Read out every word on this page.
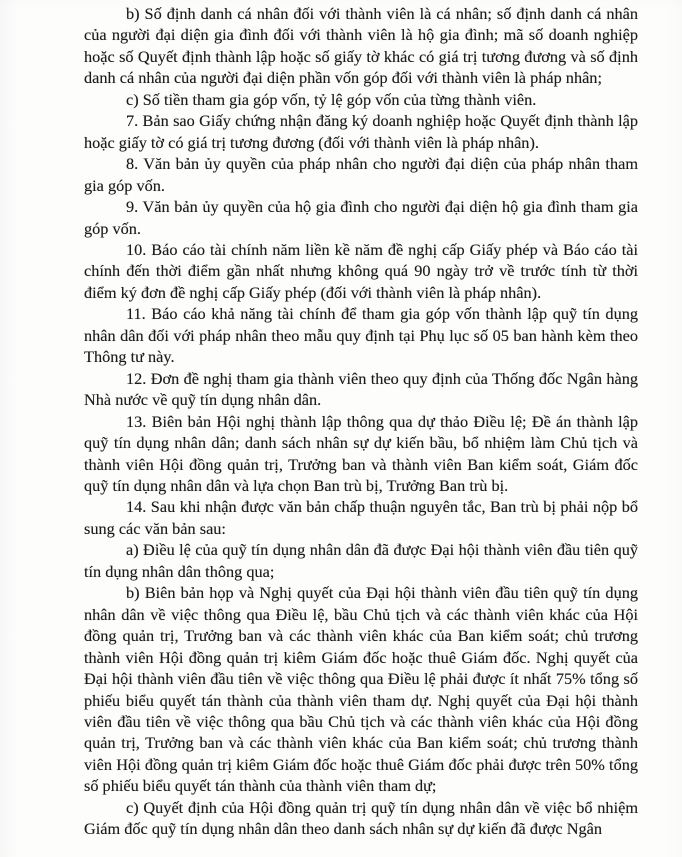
b) Số định danh cá nhân đối với thành viên là cá nhân; số định danh cá nhân của người đại diện gia đình đối với thành viên là hộ gia đình; mã số doanh nghiệp hoặc số Quyết định thành lập hoặc số giấy tờ khác có giá trị tương đương và số định danh cá nhân của người đại diện phần vốn góp đối với thành viên là pháp nhân;

c) Số tiền tham gia góp vốn, tỷ lệ góp vốn của từng thành viên.

7. Bản sao Giấy chứng nhận đăng ký doanh nghiệp hoặc Quyết định thành lập hoặc giấy tờ có giá trị tương đương (đối với thành viên là pháp nhân).

8. Văn bản ủy quyền của pháp nhân cho người đại diện của pháp nhân tham gia góp vốn.

9. Văn bản ủy quyền của hộ gia đình cho người đại diện hộ gia đình tham gia góp vốn.

10. Báo cáo tài chính năm liền kề năm đề nghị cấp Giấy phép và Báo cáo tài chính đến thời điểm gần nhất nhưng không quá 90 ngày trở về trước tính từ thời điểm ký đơn đề nghị cấp Giấy phép (đối với thành viên là pháp nhân).

11. Báo cáo khả năng tài chính để tham gia góp vốn thành lập quỹ tín dụng nhân dân đối với pháp nhân theo mẫu quy định tại Phụ lục số 05 ban hành kèm theo Thông tư này.

12. Đơn đề nghị tham gia thành viên theo quy định của Thống đốc Ngân hàng Nhà nước về quỹ tín dụng nhân dân.

13. Biên bản Hội nghị thành lập thông qua dự thảo Điều lệ; Đề án thành lập quỹ tín dụng nhân dân; danh sách nhân sự dự kiến bầu, bổ nhiệm làm Chủ tịch và thành viên Hội đồng quản trị, Trưởng ban và thành viên Ban kiểm soát, Giám đốc quỹ tín dụng nhân dân và lựa chọn Ban trù bị, Trưởng Ban trù bị.

14. Sau khi nhận được văn bản chấp thuận nguyên tắc, Ban trù bị phải nộp bổ sung các văn bản sau:

a) Điều lệ của quỹ tín dụng nhân dân đã được Đại hội thành viên đầu tiên quỹ tín dụng nhân dân thông qua;

b) Biên bản họp và Nghị quyết của Đại hội thành viên đầu tiên quỹ tín dụng nhân dân về việc thông qua Điều lệ, bầu Chủ tịch và các thành viên khác của Hội đồng quản trị, Trưởng ban và các thành viên khác của Ban kiểm soát; chủ trương thành viên Hội đồng quản trị kiêm Giám đốc hoặc thuê Giám đốc. Nghị quyết của Đại hội thành viên đầu tiên về việc thông qua Điều lệ phải được ít nhất 75% tổng số phiếu biểu quyết tán thành của thành viên tham dự. Nghị quyết của Đại hội thành viên đầu tiên về việc thông qua bầu Chủ tịch và các thành viên khác của Hội đồng quản trị, Trưởng ban và các thành viên khác của Ban kiểm soát; chủ trương thành viên Hội đồng quản trị kiêm Giám đốc hoặc thuê Giám đốc phải được trên 50% tổng số phiếu biểu quyết tán thành của thành viên tham dự;

c) Quyết định của Hội đồng quản trị quỹ tín dụng nhân dân về việc bổ nhiệm Giám đốc quỹ tín dụng nhân dân theo danh sách nhân sự dự kiến đã được Ngân
